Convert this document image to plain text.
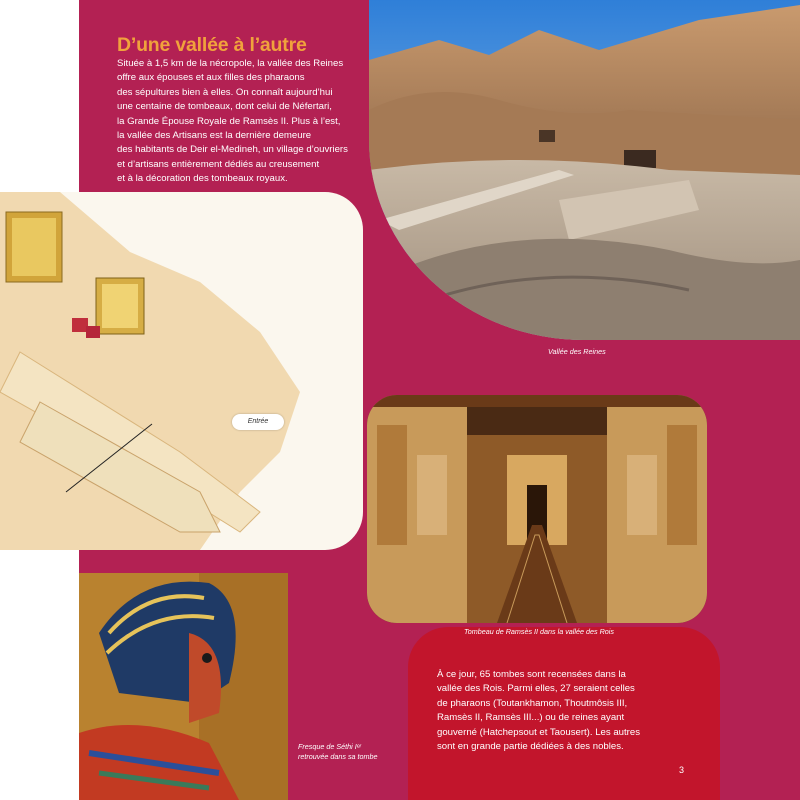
Entrée
D’une vallée à l’autre
Située à 1,5 km de la nécropole, la vallée des Reines
offre aux épouses et aux filles des pharaons
des sépultures bien à elles. On connaît aujourd’hui
une centaine de tombeaux, dont celui de Néfertari,
la Grande Épouse Royale de Ramsès II. Plus à l’est,
la vallée des Artisans est la dernière demeure
des habitants de Deir el-Medineh, un village d’ouvriers
et d’artisans entièrement dédiés au creusement
et à la décoration des tombeaux royaux.
Vallée des Reines
Tombeau de Ramsès II dans la vallée des Rois
Fresque de Séthi Iᵉʳ
retrouvée dans sa tombe
À ce jour, 65 tombes sont recensées dans la
vallée des Rois. Parmi elles, 27 seraient celles
de pharaons (Toutankhamon, Thoutmôsis III,
Ramsès II, Ramsès III...) ou de reines ayant
gouverné (Hatchepsout et Taousert). Les autres
sont en grande partie dédiées à des nobles.
3
